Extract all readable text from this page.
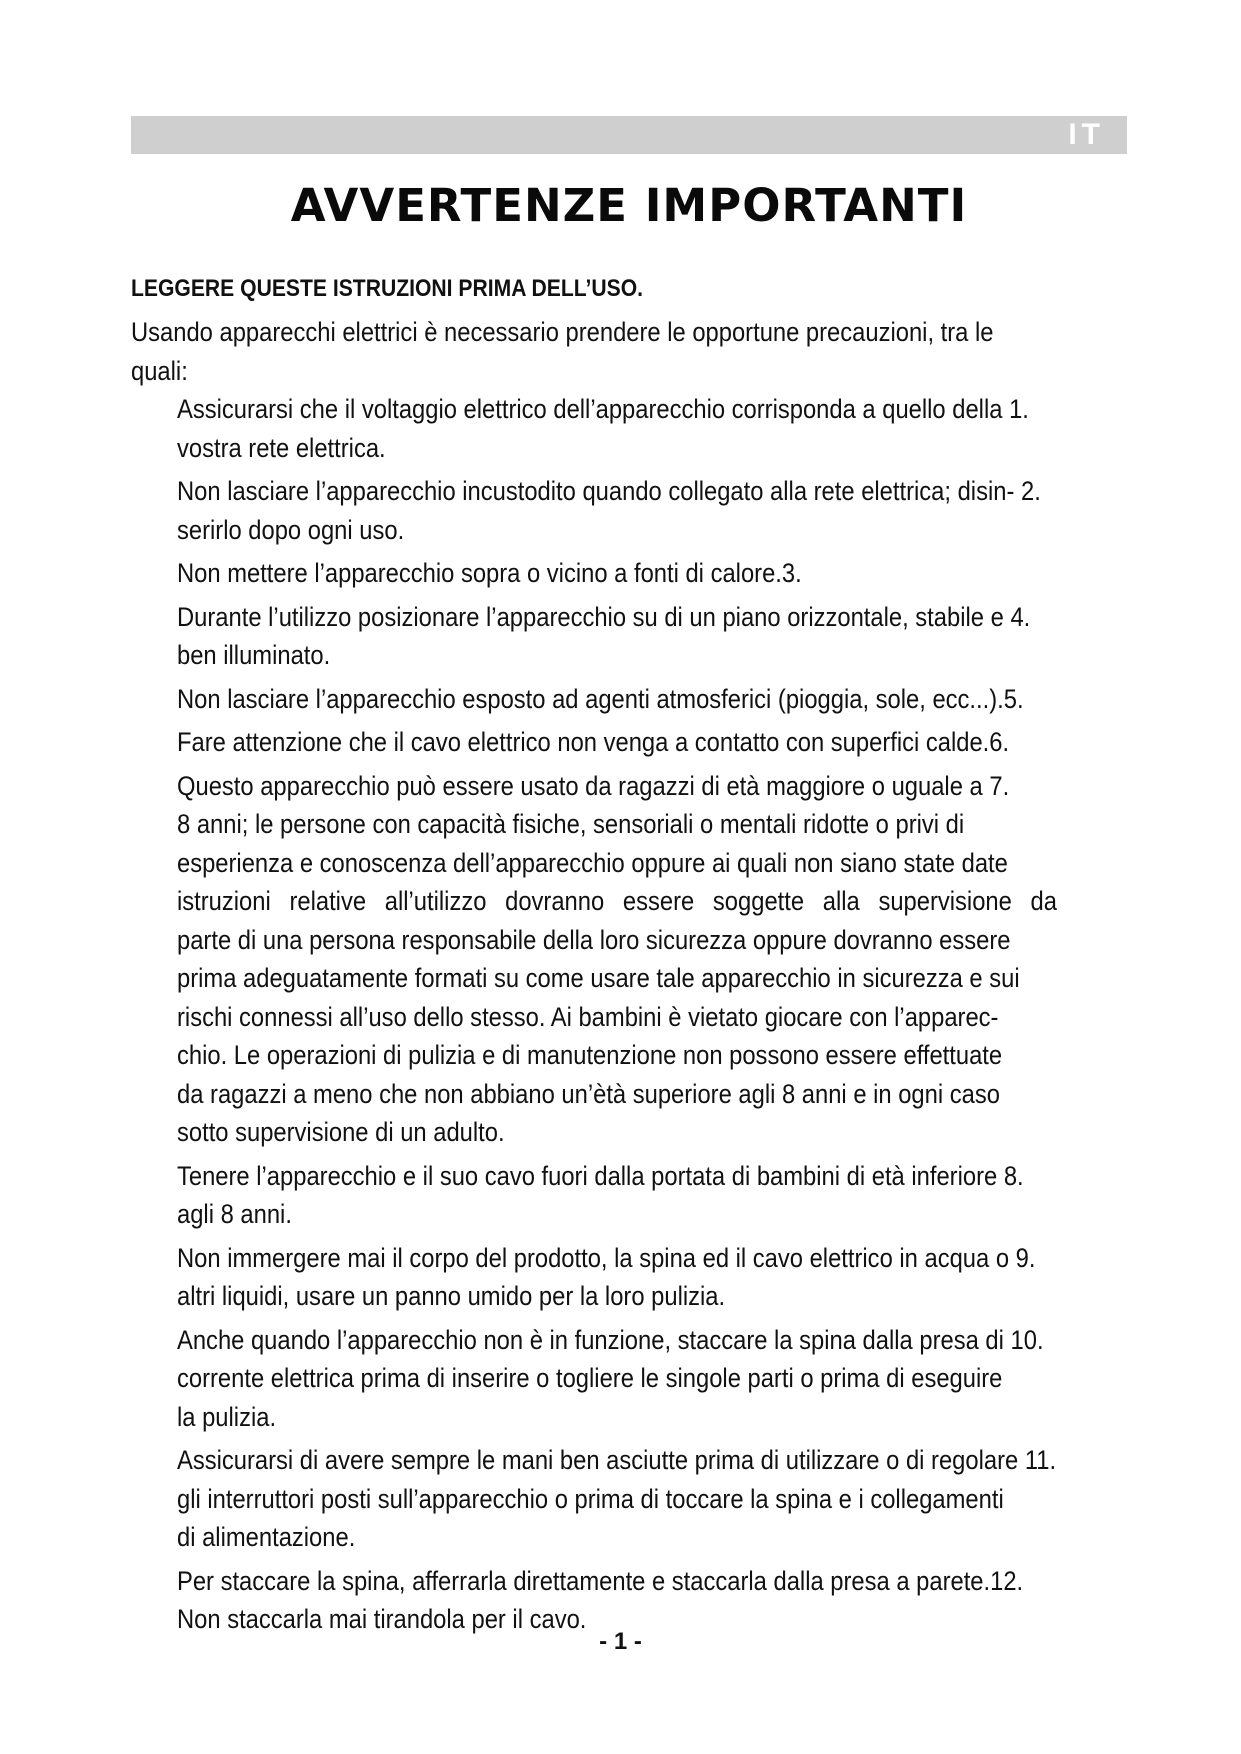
IT
AVVERTENZE IMPORTANTI

LEGGERE QUESTE ISTRUZIONI PRIMA DELL’USO.

Usando apparecchi elettrici è necessario prendere le opportune precauzioni, tra le
quali:

Assicurarsi che il voltaggio elettrico dell’apparecchio corrisponda a quello della 1.
vostra rete elettrica.
Non lasciare l’apparecchio incustodito quando collegato alla rete elettrica; disin- 2.
serirlo dopo ogni uso.
Non mettere l’apparecchio sopra o vicino a fonti di calore.3.
Durante l’utilizzo posizionare l’apparecchio su di un piano orizzontale, stabile e 4.
ben illuminato.
Non lasciare l’apparecchio esposto ad agenti atmosferici (pioggia, sole, ecc...).5.
Fare attenzione che il cavo elettrico non venga a contatto con superfici calde.6.
Questo apparecchio può essere usato da ragazzi di età maggiore o uguale a 7.
8 anni; le persone con capacità fisiche, sensoriali o mentali ridotte o privi di
esperienza e conoscenza dell’apparecchio oppure ai quali non siano state date
istruzioni relative all’utilizzo dovranno essere soggette alla supervisione da
parte di una persona responsabile della loro sicurezza oppure dovranno essere
prima adeguatamente formati su come usare tale apparecchio in sicurezza e sui
rischi connessi all’uso dello stesso. Ai bambini è vietato giocare con l’apparec-
chio. Le operazioni di pulizia e di manutenzione non possono essere effettuate
da ragazzi a meno che non abbiano un’ètà superiore agli 8 anni e in ogni caso
sotto supervisione di un adulto.
Tenere l’apparecchio e il suo cavo fuori dalla portata di bambini di età inferiore 8.
agli 8 anni.
Non immergere mai il corpo del prodotto, la spina ed il cavo elettrico in acqua o 9.
altri liquidi, usare un panno umido per la loro pulizia.
Anche quando l’apparecchio non è in funzione, staccare la spina dalla presa di 10.
corrente elettrica prima di inserire o togliere le singole parti o prima di eseguire
la pulizia.
Assicurarsi di avere sempre le mani ben asciutte prima di utilizzare o di regolare 11.
gli interruttori posti sull’apparecchio o prima di toccare la spina e i collegamenti
di alimentazione.
Per staccare la spina, afferrarla direttamente e staccarla dalla presa a parete.12.
Non staccarla mai tirandola per il cavo.
- 1 -
